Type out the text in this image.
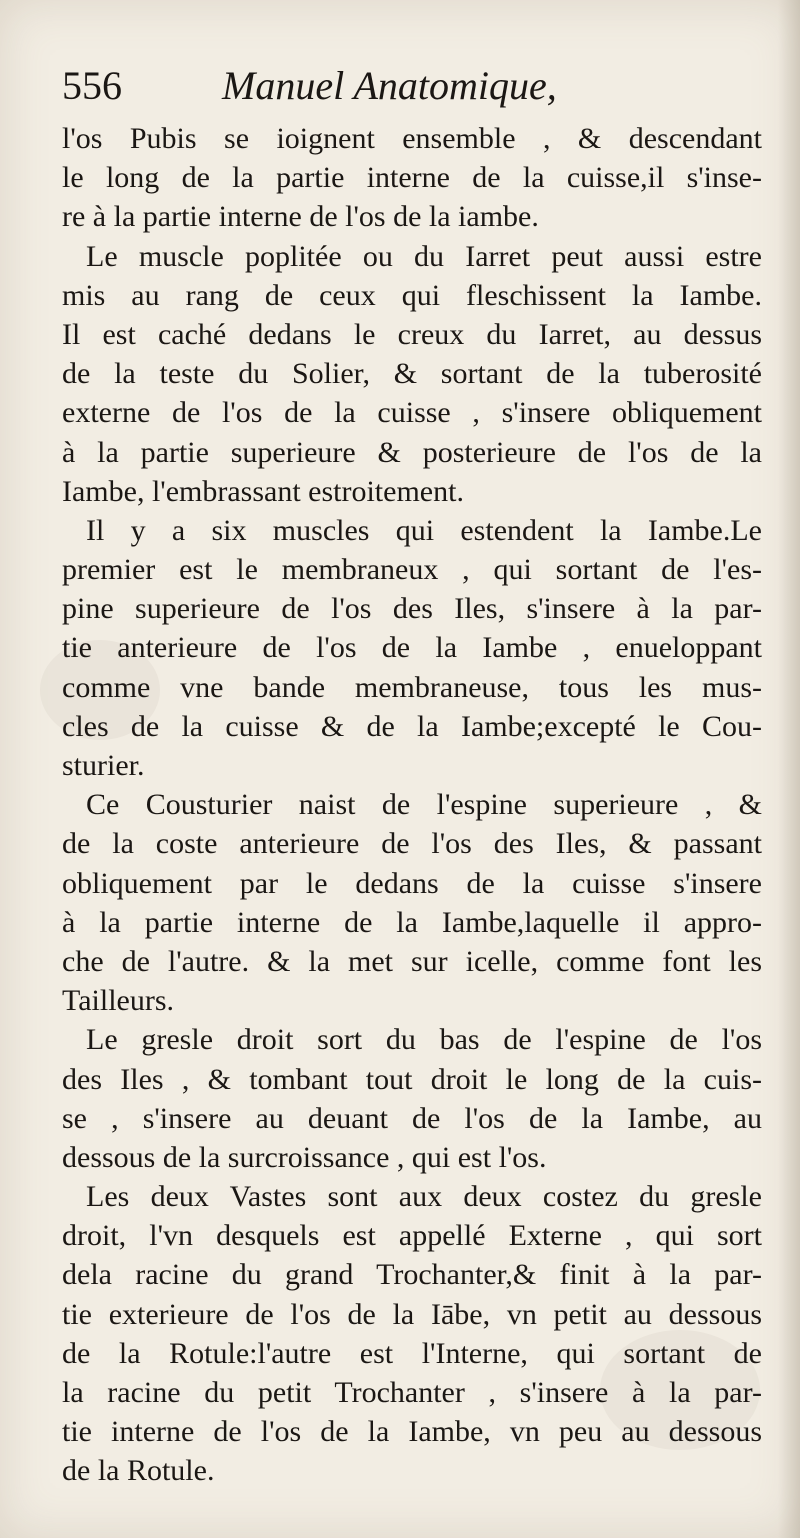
556	Manuel Anatomique,
l'os Pubis se ioignent ensemble , & descendant
le long de la partie interne de la cuisse,il s'inse-
re à la partie interne de l'os de la iambe.
Le muscle poplitée ou du Iarret peut aussi estre
mis au rang de ceux qui fleschissent la Iambe.
Il est caché dedans le creux du Iarret, au dessus
de la teste du Solier, & sortant de la tuberosité
externe de l'os de la cuisse , s'insere obliquement
à la partie superieure & posterieure de l'os de la
Iambe, l'embrassant estroitement.
Il y a six muscles qui estendent la Iambe.Le
premier est le membraneux , qui sortant de l'es-
pine superieure de l'os des Iles, s'insere à la par-
tie anterieure de l'os de la Iambe , enueloppant
comme vne bande membraneuse, tous les mus-
cles de la cuisse & de la Iambe;excepté le Cou-
sturier.
Ce Cousturier naist de l'espine superieure , &
de la coste anterieure de l'os des Iles, & passant
obliquement par le dedans de la cuisse s'insere
à la partie interne de la Iambe,laquelle il appro-
che de l'autre. & la met sur icelle, comme font les
Tailleurs.
Le gresle droit sort du bas de l'espine de l'os
des Iles , & tombant tout droit le long de la cuis-
se , s'insere au deuant de l'os de la Iambe, au
dessous de la surcroissance , qui est l'os.
Les deux Vastes sont aux deux costez du gresle
droit, l'vn desquels est appellé Externe , qui sort
dela racine du grand Trochanter,& finit à la par-
tie exterieure de l'os de la Iābe, vn petit au dessous
de la Rotule:l'autre est l'Interne, qui sortant de
la racine du petit Trochanter , s'insere à la par-
tie interne de l'os de la Iambe, vn peu au dessous
de la Rotule.
